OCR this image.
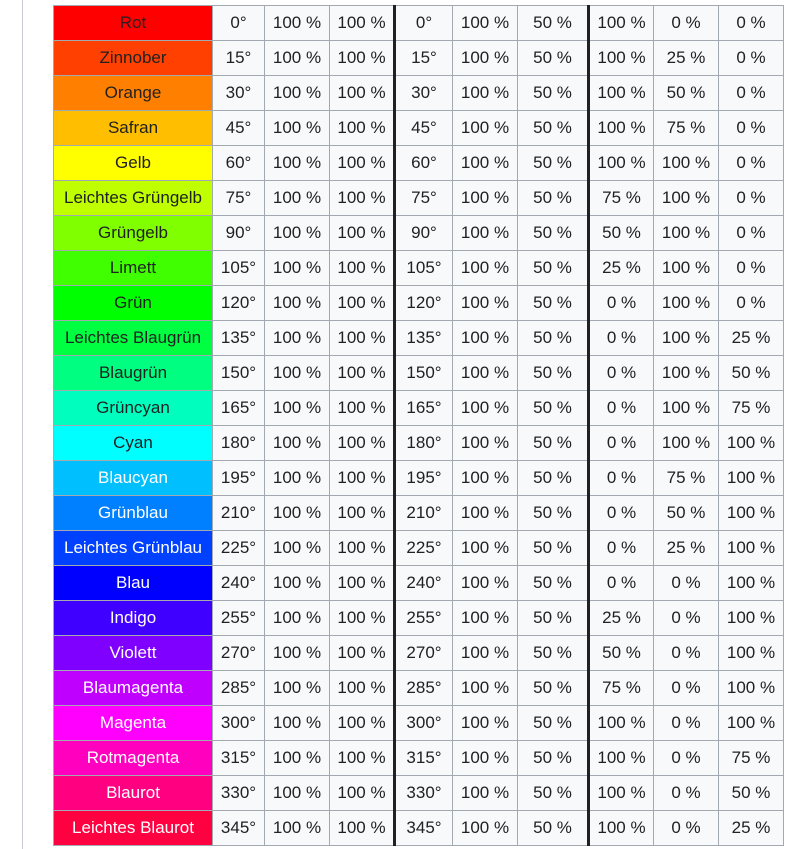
Rot	0°	100 %	100 %	0°	100 %	50 %	100 %	0 %	0 %
Zinnober	15°	100 %	100 %	15°	100 %	50 %	100 %	25 %	0 %
Orange	30°	100 %	100 %	30°	100 %	50 %	100 %	50 %	0 %
Safran	45°	100 %	100 %	45°	100 %	50 %	100 %	75 %	0 %
Gelb	60°	100 %	100 %	60°	100 %	50 %	100 %	100 %	0 %
Leichtes Grüngelb	75°	100 %	100 %	75°	100 %	50 %	75 %	100 %	0 %
Grüngelb	90°	100 %	100 %	90°	100 %	50 %	50 %	100 %	0 %
Limett	105°	100 %	100 %	105°	100 %	50 %	25 %	100 %	0 %
Grün	120°	100 %	100 %	120°	100 %	50 %	0 %	100 %	0 %
Leichtes Blaugrün	135°	100 %	100 %	135°	100 %	50 %	0 %	100 %	25 %
Blaugrün	150°	100 %	100 %	150°	100 %	50 %	0 %	100 %	50 %
Grüncyan	165°	100 %	100 %	165°	100 %	50 %	0 %	100 %	75 %
Cyan	180°	100 %	100 %	180°	100 %	50 %	0 %	100 %	100 %
Blaucyan	195°	100 %	100 %	195°	100 %	50 %	0 %	75 %	100 %
Grünblau	210°	100 %	100 %	210°	100 %	50 %	0 %	50 %	100 %
Leichtes Grünblau	225°	100 %	100 %	225°	100 %	50 %	0 %	25 %	100 %
Blau	240°	100 %	100 %	240°	100 %	50 %	0 %	0 %	100 %
Indigo	255°	100 %	100 %	255°	100 %	50 %	25 %	0 %	100 %
Violett	270°	100 %	100 %	270°	100 %	50 %	50 %	0 %	100 %
Blaumagenta	285°	100 %	100 %	285°	100 %	50 %	75 %	0 %	100 %
Magenta	300°	100 %	100 %	300°	100 %	50 %	100 %	0 %	100 %
Rotmagenta	315°	100 %	100 %	315°	100 %	50 %	100 %	0 %	75 %
Blaurot	330°	100 %	100 %	330°	100 %	50 %	100 %	0 %	50 %
Leichtes Blaurot	345°	100 %	100 %	345°	100 %	50 %	100 %	0 %	25 %
